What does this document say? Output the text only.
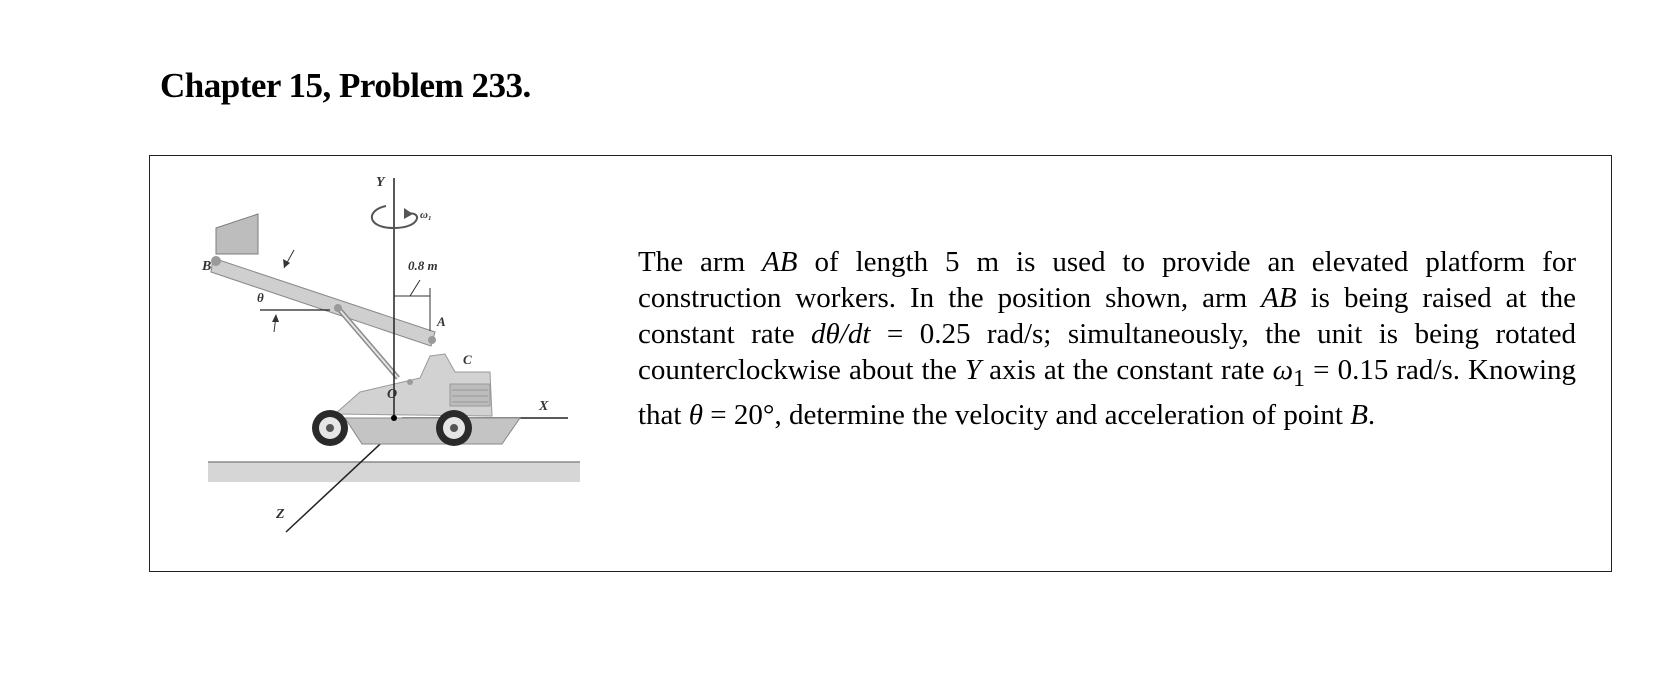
Chapter 15, Problem 233.
0.8 m
Y
ω₁
X
Z
B
A
C
O
θ

The arm AB of length 5 m is used to provide an elevated platform for construction workers. In the position shown, arm AB is being raised at the constant rate dθ/dt = 0.25 rad/s; simultaneously, the unit is being rotated counterclockwise about the Y axis at the constant rate $\omega_1 = 0.15$ rad/s. Knowing that θ = 20°, determine the velocity and acceleration of point B.
